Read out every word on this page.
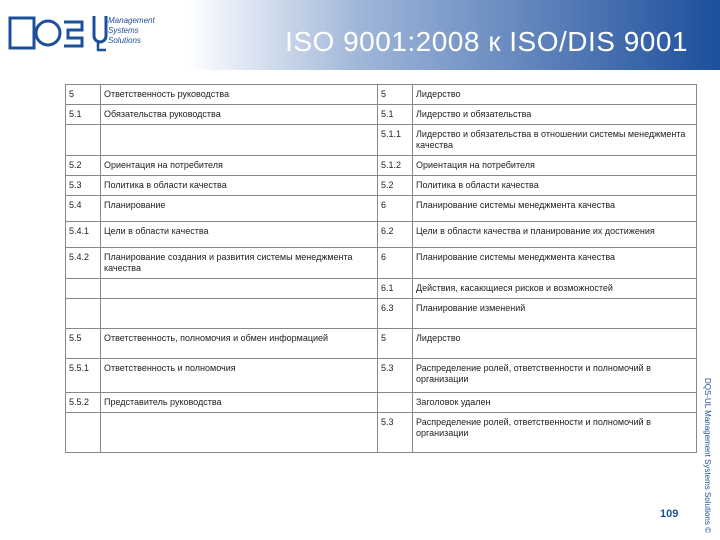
Management
Systems
Solutions	ISO 9001:2008 к ISO/DIS 9001
5	Ответственность руководства	5	Лидерство
5.1	Обязательства руководства	5.1	Лидерство и обязательства
		5.1.1	Лидерство и обязательства в отношении системы менеджмента качества
5.2	Ориентация на потребителя	5.1.2	Ориентация на потребителя
5.3	Политика в области качества	5.2	Политика в области качества
5.4	Планирование	6	Планирование системы менеджмента качества
5.4.1	Цели в области качества	6.2	Цели в области качества и планирование их достижения
5.4.2	Планирование создания и развития системы менеджмента качества	6	Планирование системы менеджмента качества
		6.1	Действия, касающиеся рисков и возможностей
		6.3	Планирование изменений
5.5	Ответственность, полномочия и обмен информацией	5	Лидерство
5.5.1	Ответственность и полномочия	5.3	Распределение ролей, ответственности и полномочий в организации
5.5.2	Представитель руководства		Заголовок удален
		5.3	Распределение ролей, ответственности и полномочий в организации	DQS-UL Management Systems Solutions ©
109
